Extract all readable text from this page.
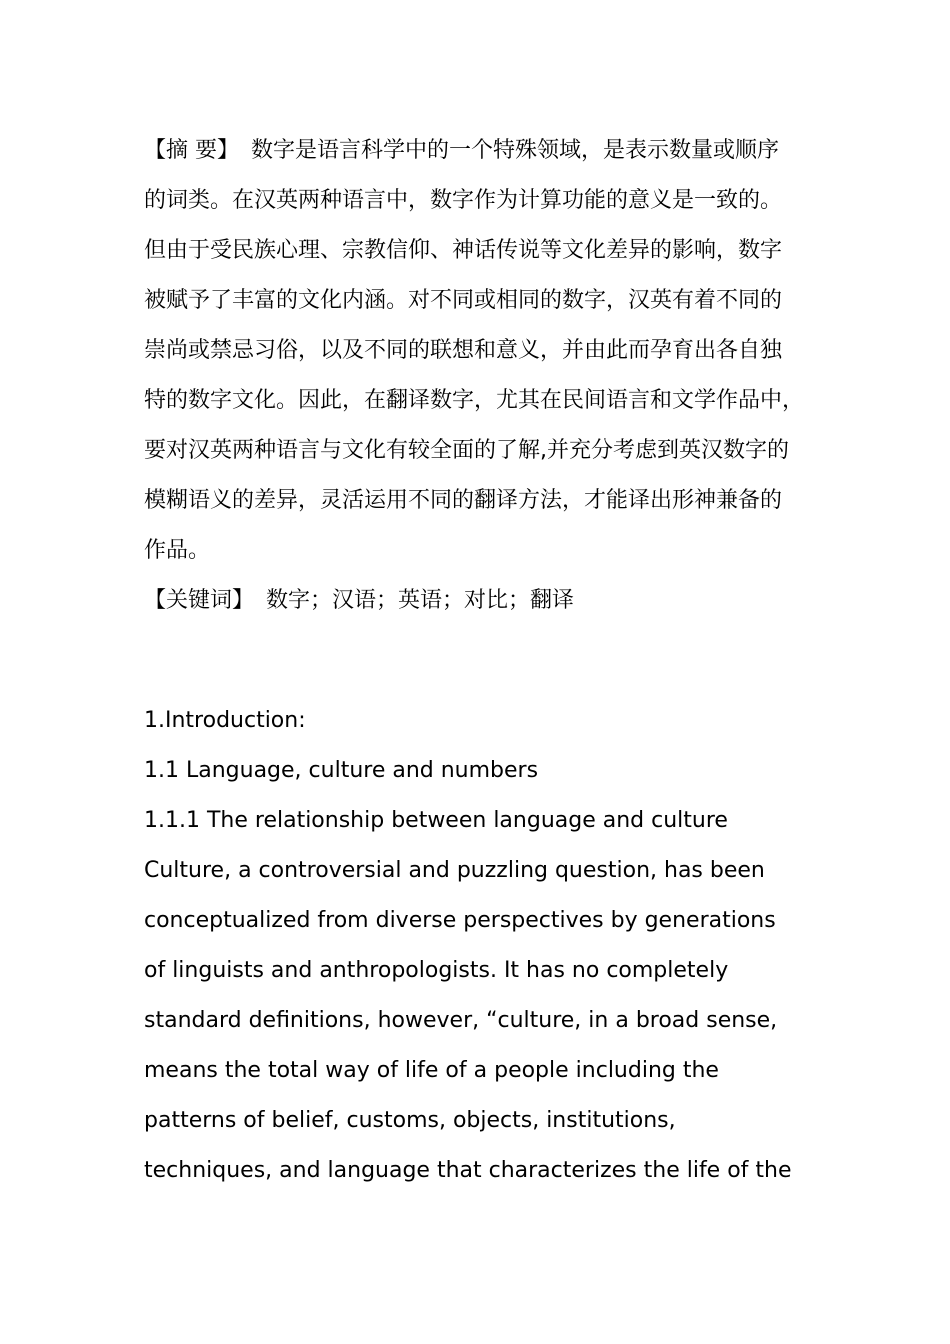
【摘 要】 数字是语言科学中的一个特殊领域，是表示数量或顺序
的词类。在汉英两种语言中，数字作为计算功能的意义是一致的。
但由于受民族心理、宗教信仰、神话传说等文化差异的影响，数字
被赋予了丰富的文化内涵。对不同或相同的数字，汉英有着不同的
崇尚或禁忌习俗，以及不同的联想和意义，并由此而孕育出各自独
特的数字文化。因此，在翻译数字，尤其在民间语言和文学作品中，
要对汉英两种语言与文化有较全面的了解,并充分考虑到英汉数字的
模糊语义的差异，灵活运用不同的翻译方法，才能译出形神兼备的
作品。
【关键词】 数字；汉语；英语；对比；翻译
1.Introduction:
1.1 Language, culture and numbers
1.1.1 The relationship between language and culture
Culture, a controversial and puzzling question, has been
conceptualized from diverse perspectives by generations
of linguists and anthropologists. It has no completely
standard definitions, however, “culture, in a broad sense,
means the total way of life of a people including the
patterns of belief, customs, objects, institutions,
techniques, and language that characterizes the life of the
